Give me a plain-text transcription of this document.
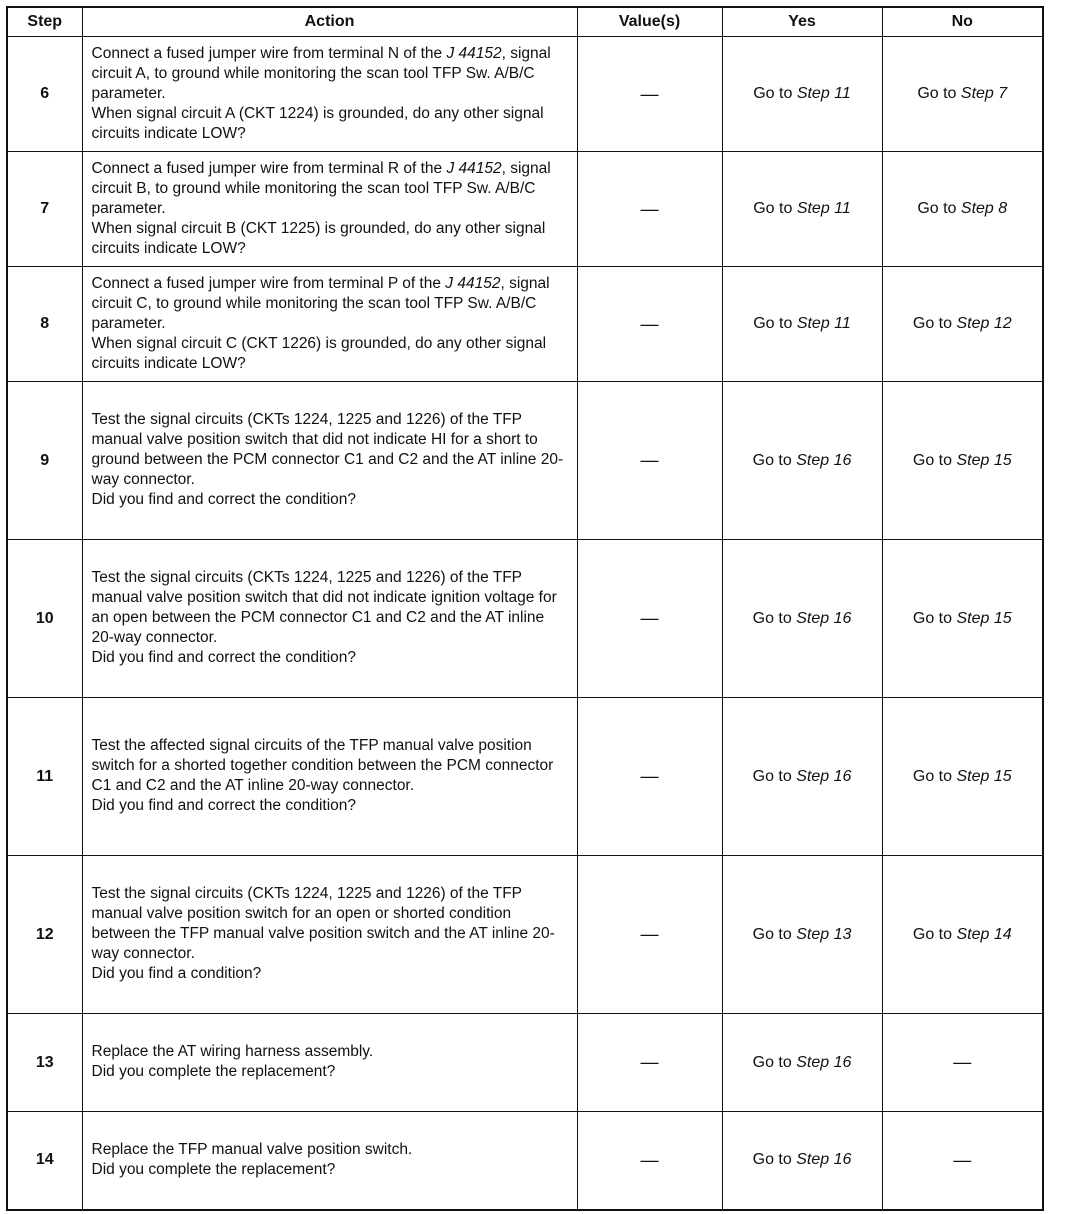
Step	Action	Value(s)	Yes	No
6	Connect a fused jumper wire from terminal N of the J 44152, signal circuit A, to ground while monitoring the scan tool TFP Sw. A/B/C parameter.
When signal circuit A (CKT 1224) is grounded, do any other signal circuits indicate LOW?	—	Go to Step 11	Go to Step 7
7	Connect a fused jumper wire from terminal R of the J 44152, signal circuit B, to ground while monitoring the scan tool TFP Sw. A/B/C parameter.
When signal circuit B (CKT 1225) is grounded, do any other signal circuits indicate LOW?	—	Go to Step 11	Go to Step 8
8	Connect a fused jumper wire from terminal P of the J 44152, signal circuit C, to ground while monitoring the scan tool TFP Sw. A/B/C parameter.
When signal circuit C (CKT 1226) is grounded, do any other signal circuits indicate LOW?	—	Go to Step 11	Go to Step 12
9	Test the signal circuits (CKTs 1224, 1225 and 1226) of the TFP manual valve position switch that did not indicate HI for a short to ground between the PCM connector C1 and C2 and the AT inline 20-way connector.
Did you find and correct the condition?	—	Go to Step 16	Go to Step 15
10	Test the signal circuits (CKTs 1224, 1225 and 1226) of the TFP manual valve position switch that did not indicate ignition voltage for an open between the PCM connector C1 and C2 and the AT inline 20-way connector.
Did you find and correct the condition?	—	Go to Step 16	Go to Step 15
11	Test the affected signal circuits of the TFP manual valve position switch for a shorted together condition between the PCM connector C1 and C2 and the AT inline 20-way connector.
Did you find and correct the condition?	—	Go to Step 16	Go to Step 15
12	Test the signal circuits (CKTs 1224, 1225 and 1226) of the TFP manual valve position switch for an open or shorted condition between the TFP manual valve position switch and the AT inline 20-way connector.
Did you find a condition?	—	Go to Step 13	Go to Step 14
13	Replace the AT wiring harness assembly.
Did you complete the replacement?	—	Go to Step 16	—
14	Replace the TFP manual valve position switch.
Did you complete the replacement?	—	Go to Step 16	—
